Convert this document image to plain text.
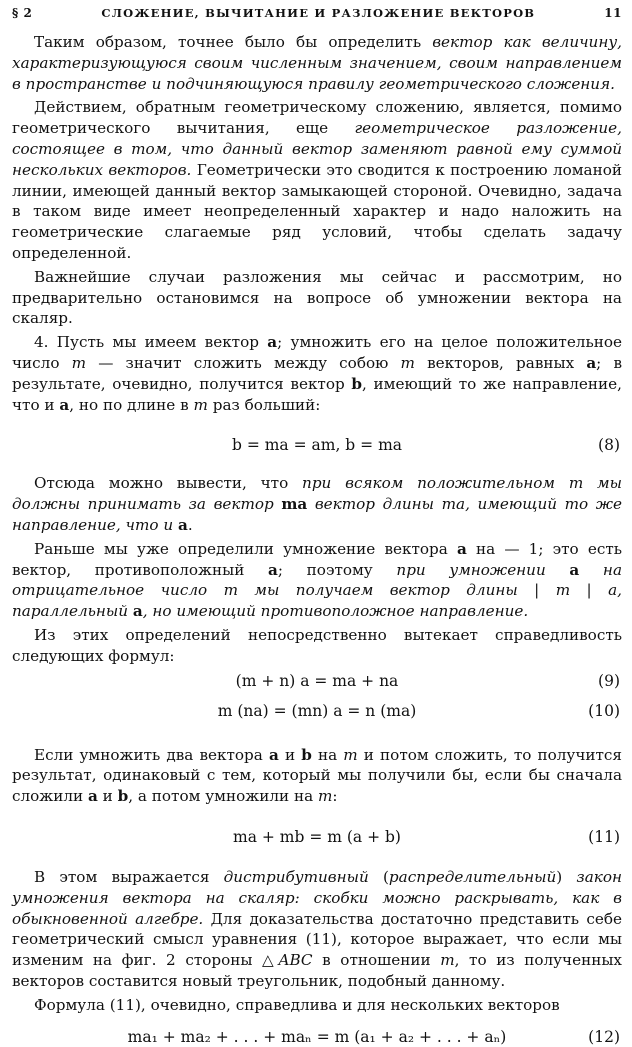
§ 2	СЛОЖЕНИЕ, ВЫЧИТАНИЕ И РАЗЛОЖЕНИЕ ВЕКТОРОВ	11

Таким образом, точнее было бы определить вектор как величину, характеризующуюся своим численным значением, своим направлением в пространстве и подчиняющуюся правилу геометрического сложения.

Действием, обратным геометрическому сложению, является, помимо геометрического вычитания, еще геометрическое разложение, состоящее в том, что данный вектор заменяют равной ему суммой нескольких векторов. Геометрически это сводится к построению ломаной линии, имеющей данный вектор замыкающей стороной. Очевидно, задача в таком виде имеет неопределенный характер и надо наложить на геометрические слагаемые ряд условий, чтобы сделать задачу определенной.

Важнейшие случаи разложения мы сейчас и рассмотрим, но предварительно остановимся на вопросе об умножении вектора на скаляр.

4. Пусть мы имеем вектор a; умножить его на целое положительное число m — значит сложить между собою m векторов, равных a; в результате, очевидно, получится вектор b, имеющий то же направление, что и a, но по длине в m раз больший:

b = ma = am, b = ma	(8)

Отсюда можно вывести, что при всяком положительном m мы должны принимать за вектор ma вектор длины ma, имеющий то же направление, что и a.

Раньше мы уже определили умножение вектора a на — 1; это есть вектор, противоположный a; поэтому при умножении a на отрицательное число m мы получаем вектор длины | m | a, параллельный a, но имеющий противоположное направление.

Из этих определений непосредственно вытекает справедливость следующих формул:

(m + n) a = ma + na	(9)
m (na) = (mn) a = n (ma)	(10)

Если умножить два вектора a и b на m и потом сложить, то получится результат, одинаковый с тем, который мы получили бы, если бы сначала сложили a и b, а потом умножили на m:

ma + mb = m (a + b)	(11)

В этом выражается дистрибутивный (распределительный) закон умножения вектора на скаляр: скобки можно раскрывать, как в обыкновенной алгебре. Для доказательства достаточно представить себе геометрический смысл уравнения (11), которое выражает, что если мы изменим на фиг. 2 стороны △ABC в отношении m, то из полученных векторов составится новый треугольник, подобный данному.

Формула (11), очевидно, справедлива и для нескольких векторов

ma₁ + ma₂ + . . . + maₙ = m (a₁ + a₂ + . . . + aₙ)	(12)
